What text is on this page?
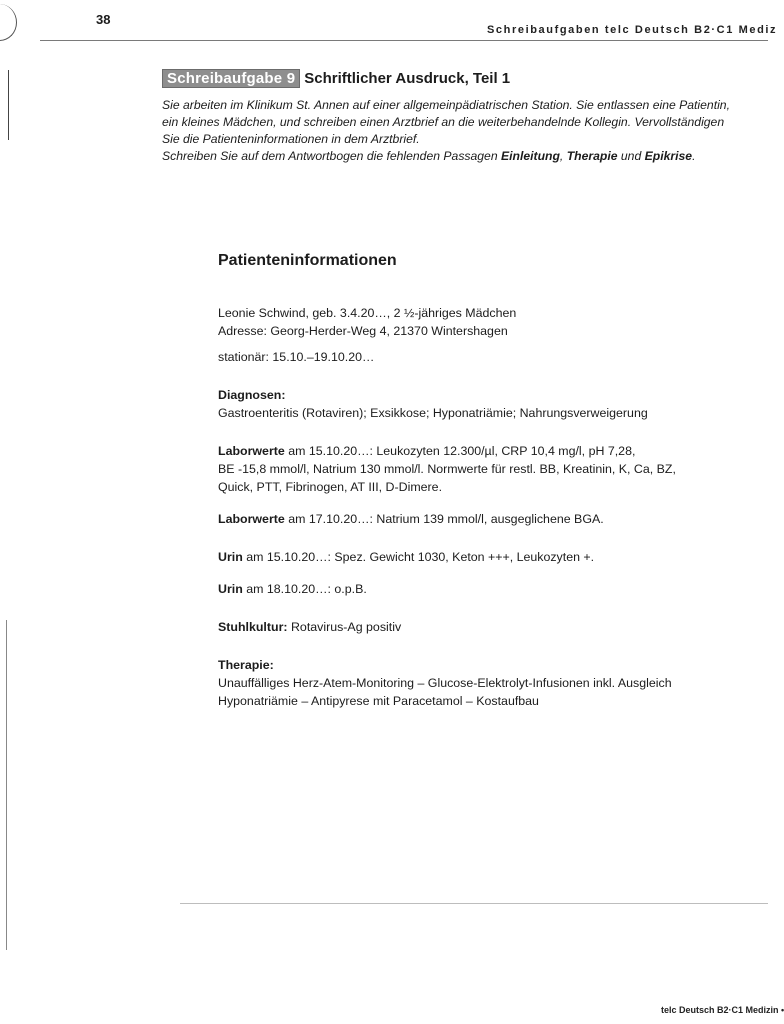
38
Schreibaufgaben telc Deutsch B2·C1 Mediz
Schreibaufgabe 9 Schriftlicher Ausdruck, Teil 1

Sie arbeiten im Klinikum St. Annen auf einer allgemeinpädiatrischen Station. Sie entlassen eine Patientin,

ein kleines Mädchen, und schreiben einen Arztbrief an die weiterbehandelnde Kollegin. Vervollständigen

Sie die Patienteninformationen in dem Arztbrief.

Schreiben Sie auf dem Antwortbogen die fehlenden Passagen Einleitung, Therapie und Epikrise.

Patienteninformationen

Leonie Schwind, geb. 3.4.20…, 2 ½-jähriges Mädchen

Adresse: Georg-Herder-Weg 4, 21370 Wintershagen

stationär: 15.10.–19.10.20…

Diagnosen:

Gastroenteritis (Rotaviren); Exsikkose; Hyponatriämie; Nahrungsverweigerung

Laborwerte am 15.10.20…: Leukozyten 12.300/µl, CRP 10,4 mg/l, pH 7,28,

BE -15,8 mmol/l, Natrium 130 mmol/l. Normwerte für restl. BB, Kreatinin, K, Ca, BZ,

Quick, PTT, Fibrinogen, AT III, D-Dimere.

Laborwerte am 17.10.20…: Natrium 139 mmol/l, ausgeglichene BGA.

Urin am 15.10.20…: Spez. Gewicht 1030, Keton +++, Leukozyten +.

Urin am 18.10.20…: o.p.B.

Stuhlkultur: Rotavirus-Ag positiv

Therapie:

Unauffälliges Herz-Atem-Monitoring – Glucose-Elektrolyt-Infusionen inkl. Ausgleich

Hyponatriämie – Antipyrese mit Paracetamol – Kostaufbau

telc Deutsch B2·C1 Medizin •
